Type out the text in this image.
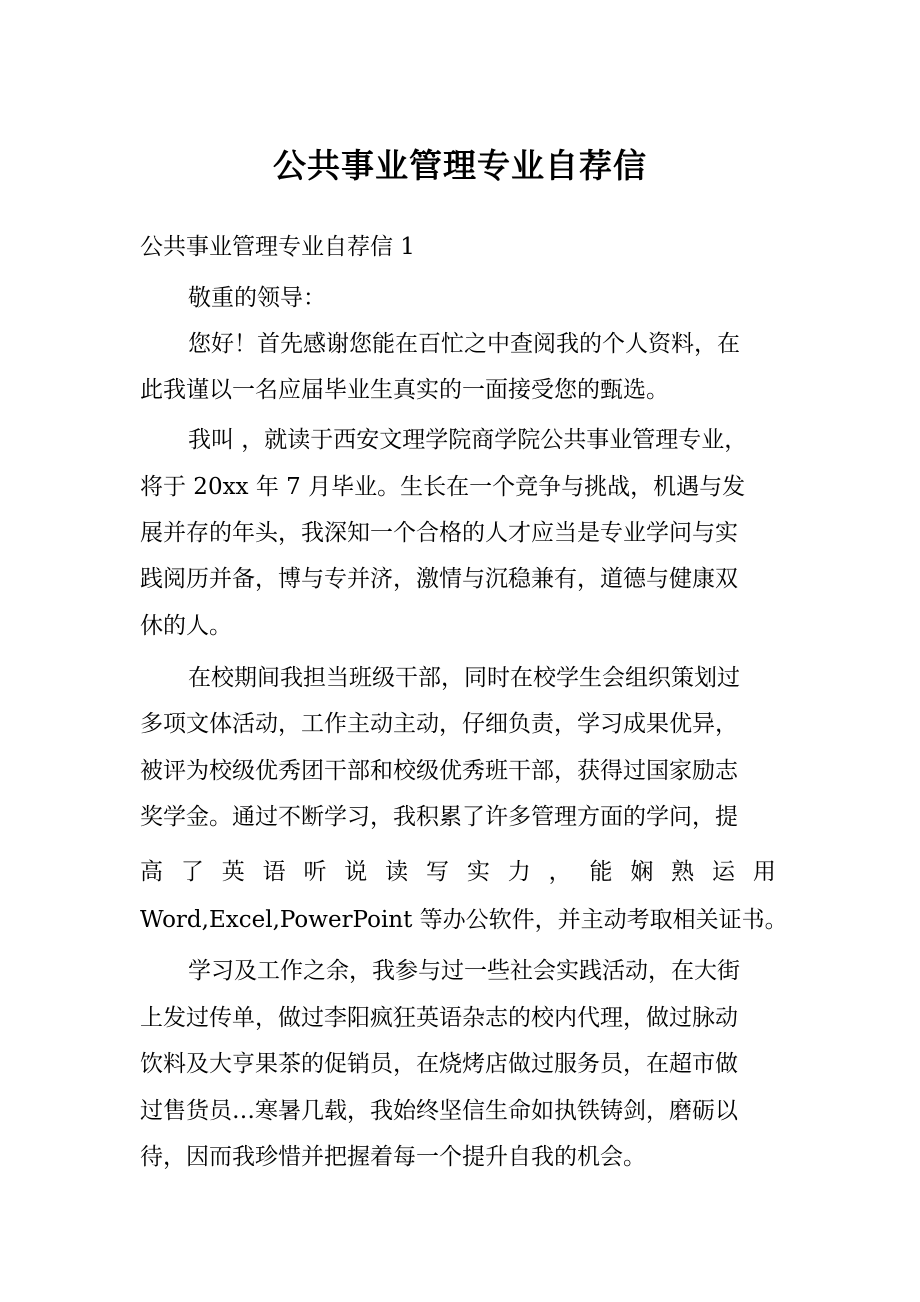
公共事业管理专业自荐信
公共事业管理专业自荐信 1
敬重的领导：
您好！首先感谢您能在百忙之中查阅我的个人资料，在
此我谨以一名应届毕业生真实的一面接受您的甄选。
我叫 ，就读于西安文理学院商学院公共事业管理专业，
将于 20xx 年 7 月毕业。生长在一个竞争与挑战，机遇与发
展并存的年头，我深知一个合格的人才应当是专业学问与实
践阅历并备，博与专并济，激情与沉稳兼有，道德与健康双
休的人。
在校期间我担当班级干部，同时在校学生会组织策划过
多项文体活动，工作主动主动，仔细负责，学习成果优异，
被评为校级优秀团干部和校级优秀班干部，获得过国家励志
奖学金。通过不断学习，我积累了许多管理方面的学问，提
高 了 英 语 听 说 读 写 实 力 ， 能 娴 熟 运 用
Word,Excel,PowerPoint 等办公软件，并主动考取相关证书。
学习及工作之余，我参与过一些社会实践活动，在大街
上发过传单，做过李阳疯狂英语杂志的校内代理，做过脉动
饮料及大亨果茶的促销员，在烧烤店做过服务员，在超市做
过售货员…寒暑几载，我始终坚信生命如执铁铸剑，磨砺以
待，因而我珍惜并把握着每一个提升自我的机会。
